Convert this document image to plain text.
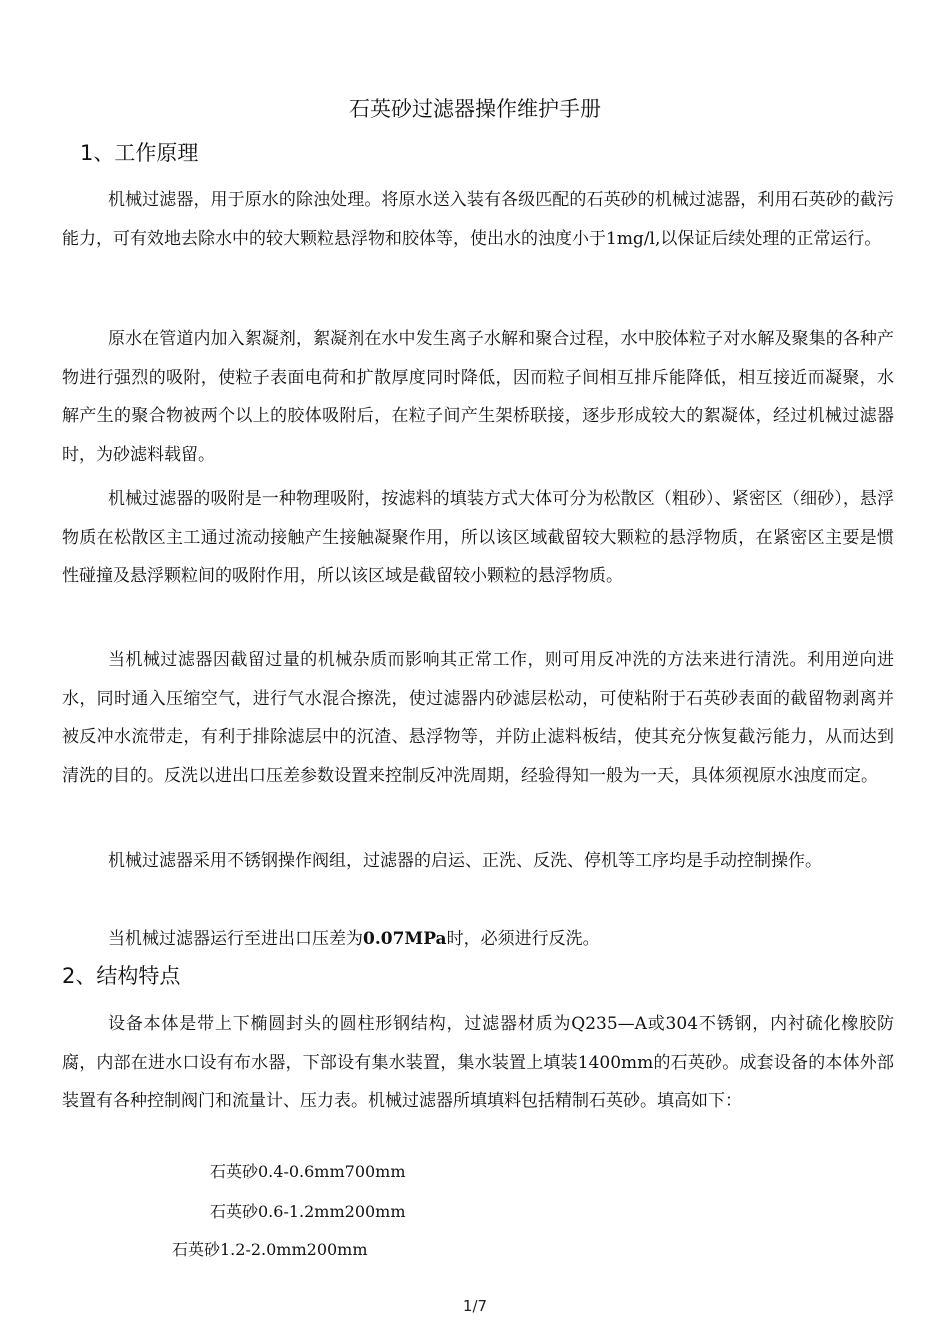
石英砂过滤器操作维护手册
1、工作原理

机械过滤器，用于原水的除浊处理。将原水送入装有各级匹配的石英砂的机械过滤器，利用石英砂的截污能力，可有效地去除水中的较大颗粒悬浮物和胶体等，使出水的浊度小于1mg/l,以保证后续处理的正常运行。

原水在管道内加入絮凝剂，絮凝剂在水中发生离子水解和聚合过程，水中胶体粒子对水解及聚集的各种产物进行强烈的吸附，使粒子表面电荷和扩散厚度同时降低，因而粒子间相互排斥能降低，相互接近而凝聚，水解产生的聚合物被两个以上的胶体吸附后，在粒子间产生架桥联接，逐步形成较大的絮凝体，经过机械过滤器时，为砂滤料载留。

机械过滤器的吸附是一种物理吸附，按滤料的填装方式大体可分为松散区（粗砂）、紧密区（细砂），悬浮物质在松散区主工通过流动接触产生接触凝聚作用，所以该区域截留较大颗粒的悬浮物质，在紧密区主要是惯性碰撞及悬浮颗粒间的吸附作用，所以该区域是截留较小颗粒的悬浮物质。

当机械过滤器因截留过量的机械杂质而影响其正常工作，则可用反冲洗的方法来进行清洗。利用逆向进水，同时通入压缩空气，进行气水混合擦洗，使过滤器内砂滤层松动，可使粘附于石英砂表面的截留物剥离并被反冲水流带走，有利于排除滤层中的沉渣、悬浮物等，并防止滤料板结，使其充分恢复截污能力，从而达到清洗的目的。反洗以进出口压差参数设置来控制反冲洗周期，经验得知一般为一天，具体须视原水浊度而定。

机械过滤器采用不锈钢操作阀组，过滤器的启运、正洗、反洗、停机等工序均是手动控制操作。

当机械过滤器运行至进出口压差为0.07MPa时，必须进行反洗。

2、结构特点

设备本体是带上下椭圆封头的圆柱形钢结构，过滤器材质为Q235—A或304不锈钢，内衬硫化橡胶防腐，内部在进水口设有布水器，下部设有集水装置，集水装置上填装1400mm的石英砂。成套设备的本体外部装置有各种控制阀门和流量计、压力表。机械过滤器所填填料包括精制石英砂。填高如下：

石英砂0.4-0.6mm700mm
石英砂0.6-1.2mm200mm
石英砂1.2-2.0mm200mm
1/7
